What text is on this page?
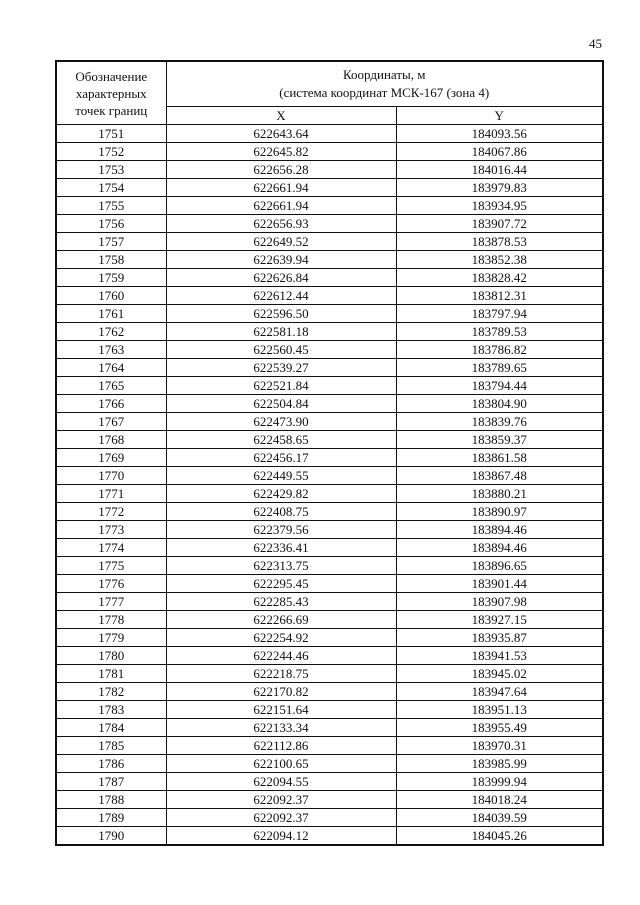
45
Обозначение
характерных
точек границ	Координаты, м
(система координат МСК-167 (зона 4)	

	X	Y
1751	622643.64	184093.56
1752	622645.82	184067.86
1753	622656.28	184016.44
1754	622661.94	183979.83
1755	622661.94	183934.95
1756	622656.93	183907.72
1757	622649.52	183878.53
1758	622639.94	183852.38
1759	622626.84	183828.42
1760	622612.44	183812.31
1761	622596.50	183797.94
1762	622581.18	183789.53
1763	622560.45	183786.82
1764	622539.27	183789.65
1765	622521.84	183794.44
1766	622504.84	183804.90
1767	622473.90	183839.76
1768	622458.65	183859.37
1769	622456.17	183861.58
1770	622449.55	183867.48
1771	622429.82	183880.21
1772	622408.75	183890.97
1773	622379.56	183894.46
1774	622336.41	183894.46
1775	622313.75	183896.65
1776	622295.45	183901.44
1777	622285.43	183907.98
1778	622266.69	183927.15
1779	622254.92	183935.87
1780	622244.46	183941.53
1781	622218.75	183945.02
1782	622170.82	183947.64
1783	622151.64	183951.13
1784	622133.34	183955.49
1785	622112.86	183970.31
1786	622100.65	183985.99
1787	622094.55	183999.94
1788	622092.37	184018.24
1789	622092.37	184039.59
1790	622094.12	184045.26
